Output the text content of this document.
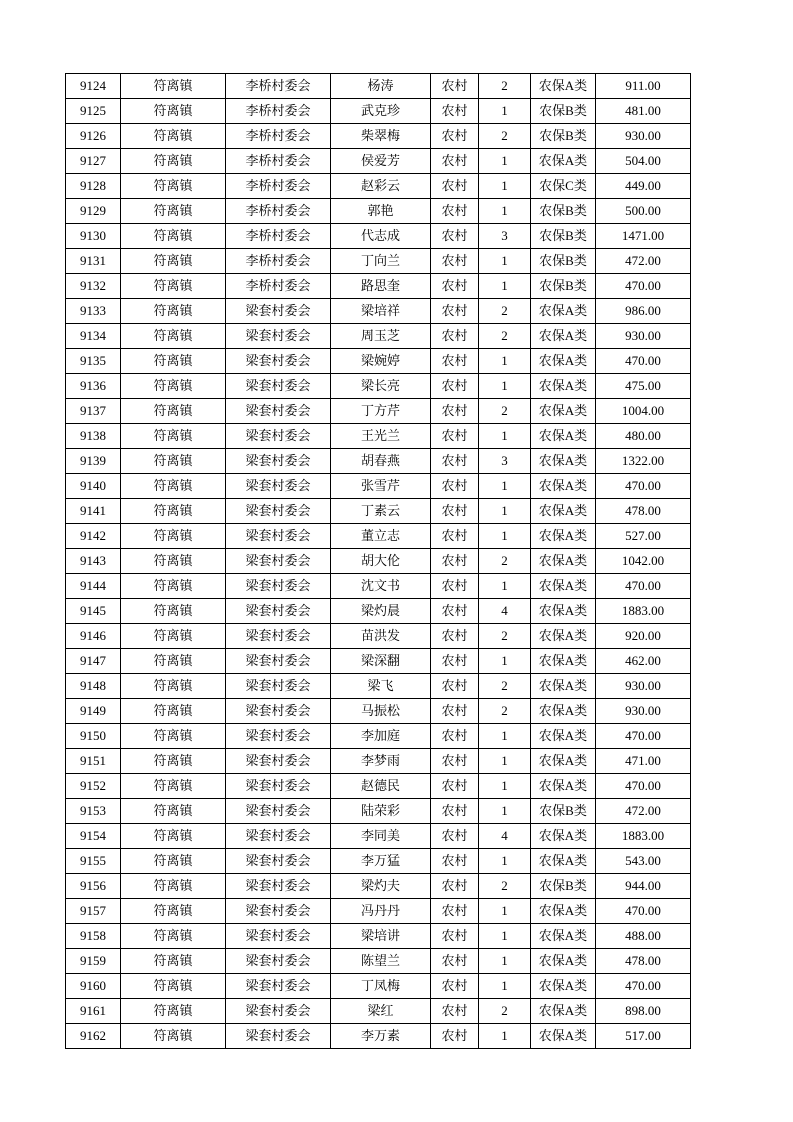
9124	符离镇	李桥村委会	杨涛	农村	2	农保A类	911.00
9125	符离镇	李桥村委会	武克珍	农村	1	农保B类	481.00
9126	符离镇	李桥村委会	柴翠梅	农村	2	农保B类	930.00
9127	符离镇	李桥村委会	侯爱芳	农村	1	农保A类	504.00
9128	符离镇	李桥村委会	赵彩云	农村	1	农保C类	449.00
9129	符离镇	李桥村委会	郭艳	农村	1	农保B类	500.00
9130	符离镇	李桥村委会	代志成	农村	3	农保B类	1471.00
9131	符离镇	李桥村委会	丁向兰	农村	1	农保B类	472.00
9132	符离镇	李桥村委会	路思奎	农村	1	农保B类	470.00
9133	符离镇	梁套村委会	梁培祥	农村	2	农保A类	986.00
9134	符离镇	梁套村委会	周玉芝	农村	2	农保A类	930.00
9135	符离镇	梁套村委会	梁婉婷	农村	1	农保A类	470.00
9136	符离镇	梁套村委会	梁长亮	农村	1	农保A类	475.00
9137	符离镇	梁套村委会	丁方芹	农村	2	农保A类	1004.00
9138	符离镇	梁套村委会	王光兰	农村	1	农保A类	480.00
9139	符离镇	梁套村委会	胡春燕	农村	3	农保A类	1322.00
9140	符离镇	梁套村委会	张雪芹	农村	1	农保A类	470.00
9141	符离镇	梁套村委会	丁素云	农村	1	农保A类	478.00
9142	符离镇	梁套村委会	董立志	农村	1	农保A类	527.00
9143	符离镇	梁套村委会	胡大伦	农村	2	农保A类	1042.00
9144	符离镇	梁套村委会	沈文书	农村	1	农保A类	470.00
9145	符离镇	梁套村委会	梁灼晨	农村	4	农保A类	1883.00
9146	符离镇	梁套村委会	苗洪发	农村	2	农保A类	920.00
9147	符离镇	梁套村委会	梁深翻	农村	1	农保A类	462.00
9148	符离镇	梁套村委会	梁飞	农村	2	农保A类	930.00
9149	符离镇	梁套村委会	马振松	农村	2	农保A类	930.00
9150	符离镇	梁套村委会	李加庭	农村	1	农保A类	470.00
9151	符离镇	梁套村委会	李梦雨	农村	1	农保A类	471.00
9152	符离镇	梁套村委会	赵德民	农村	1	农保A类	470.00
9153	符离镇	梁套村委会	陆荣彩	农村	1	农保B类	472.00
9154	符离镇	梁套村委会	李同美	农村	4	农保A类	1883.00
9155	符离镇	梁套村委会	李万猛	农村	1	农保A类	543.00
9156	符离镇	梁套村委会	梁灼夫	农村	2	农保B类	944.00
9157	符离镇	梁套村委会	冯丹丹	农村	1	农保A类	470.00
9158	符离镇	梁套村委会	梁培讲	农村	1	农保A类	488.00
9159	符离镇	梁套村委会	陈望兰	农村	1	农保A类	478.00
9160	符离镇	梁套村委会	丁凤梅	农村	1	农保A类	470.00
9161	符离镇	梁套村委会	梁红	农村	2	农保A类	898.00
9162	符离镇	梁套村委会	李万素	农村	1	农保A类	517.00
